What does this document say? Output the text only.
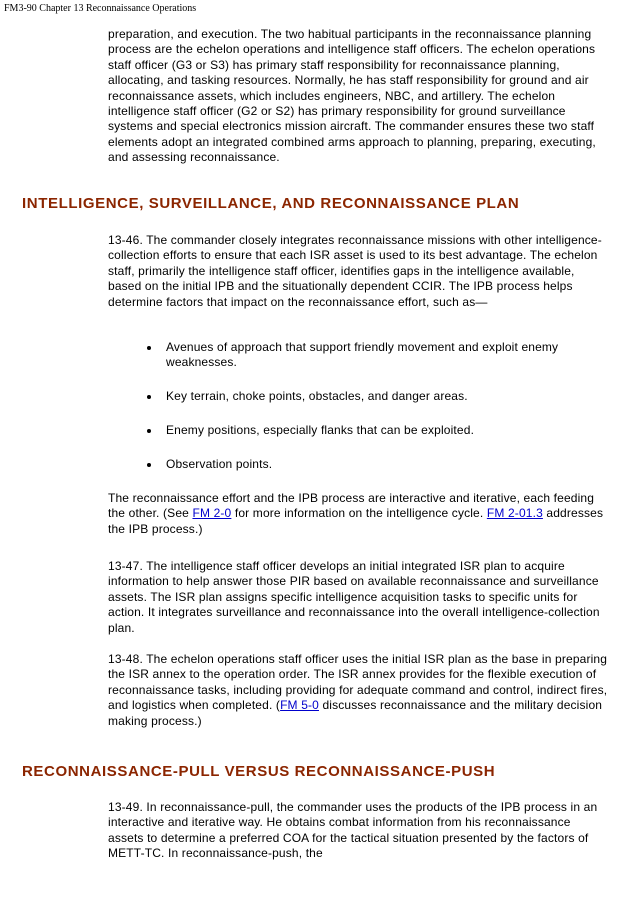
FM3-90 Chapter 13 Reconnaissance Operations

preparation, and execution. The two habitual participants in the reconnaissance planning process are the echelon operations and intelligence staff officers. The echelon operations staff officer (G3 or S3) has primary staff responsibility for reconnaissance planning, allocating, and tasking resources. Normally, he has staff responsibility for ground and air reconnaissance assets, which includes engineers, NBC, and artillery. The echelon intelligence staff officer (G2 or S2) has primary responsibility for ground surveillance systems and special electronics mission aircraft. The commander ensures these two staff elements adopt an integrated combined arms approach to planning, preparing, executing, and assessing reconnaissance.

INTELLIGENCE, SURVEILLANCE, AND RECONNAISSANCE PLAN

13-46. The commander closely integrates reconnaissance missions with other intelligence-collection efforts to ensure that each ISR asset is used to its best advantage. The echelon staff, primarily the intelligence staff officer, identifies gaps in the intelligence available, based on the initial IPB and the situationally dependent CCIR. The IPB process helps determine factors that impact on the reconnaissance effort, such as—

Avenues of approach that support friendly movement and exploit enemy weaknesses.

Key terrain, choke points, obstacles, and danger areas.

Enemy positions, especially flanks that can be exploited.

Observation points.

The reconnaissance effort and the IPB process are interactive and iterative, each feeding the other. (See FM 2-0 for more information on the intelligence cycle. FM 2-01.3 addresses the IPB process.)

13-47. The intelligence staff officer develops an initial integrated ISR plan to acquire information to help answer those PIR based on available reconnaissance and surveillance assets. The ISR plan assigns specific intelligence acquisition tasks to specific units for action. It integrates surveillance and reconnaissance into the overall intelligence-collection plan.

13-48. The echelon operations staff officer uses the initial ISR plan as the base in preparing the ISR annex to the operation order. The ISR annex provides for the flexible execution of reconnaissance tasks, including providing for adequate command and control, indirect fires, and logistics when completed. (FM 5-0 discusses reconnaissance and the military decision making process.)

RECONNAISSANCE-PULL VERSUS RECONNAISSANCE-PUSH

13-49. In reconnaissance-pull, the commander uses the products of the IPB process in an interactive and iterative way. He obtains combat information from his reconnaissance assets to determine a preferred COA for the tactical situation presented by the factors of METT-TC. In reconnaissance-push, the
